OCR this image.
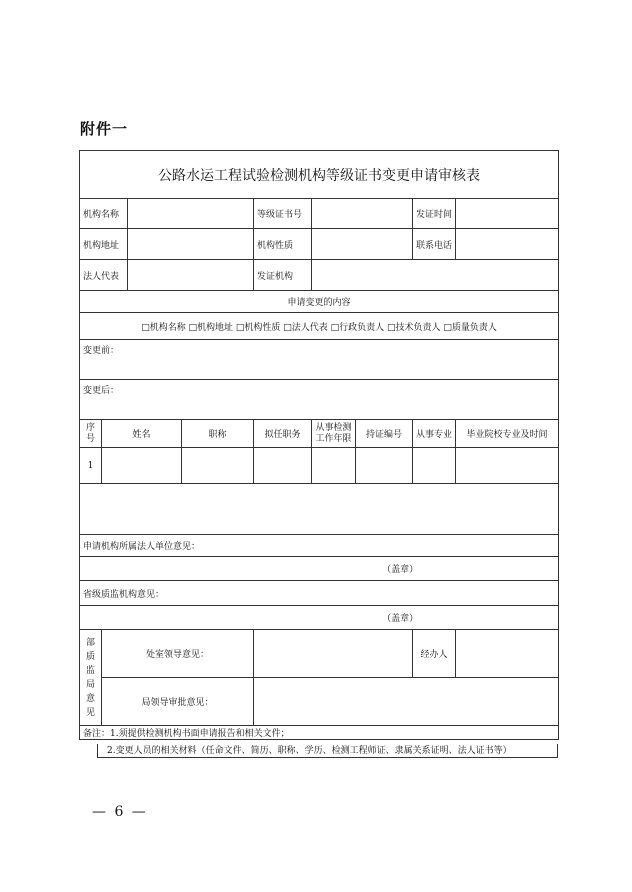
附件一
公路水运工程试验检测机构等级证书变更申请审核表								
机构名称				等级证书号			发证时间	
机构地址				机构性质			联系电话	
法人代表				发证机构				
申请变更的内容								
□机构名称 □机构地址 □机构性质 □法人代表 □行政负责人 □技术负责人 □质量负责人								
变更前：								
变更后：								
序号	姓名		职称	拟任职务	从事检测工作年限	持证编号	从事专业	毕业院校专业及时间
1								

申请机构所属法人单位意见：								
（盖章）								
省级质监机构意见：								
（盖章）								
部质监局意见	处室领导意见：						经办人	
	局领导审批意见：							
备注：1.须提供检测机构书面申请报告和相关文件；								
2.变更人员的相关材料（任命文件、简历、职称、学历、检测工程师证、隶属关系证明、法人证书等）
— 6 —
